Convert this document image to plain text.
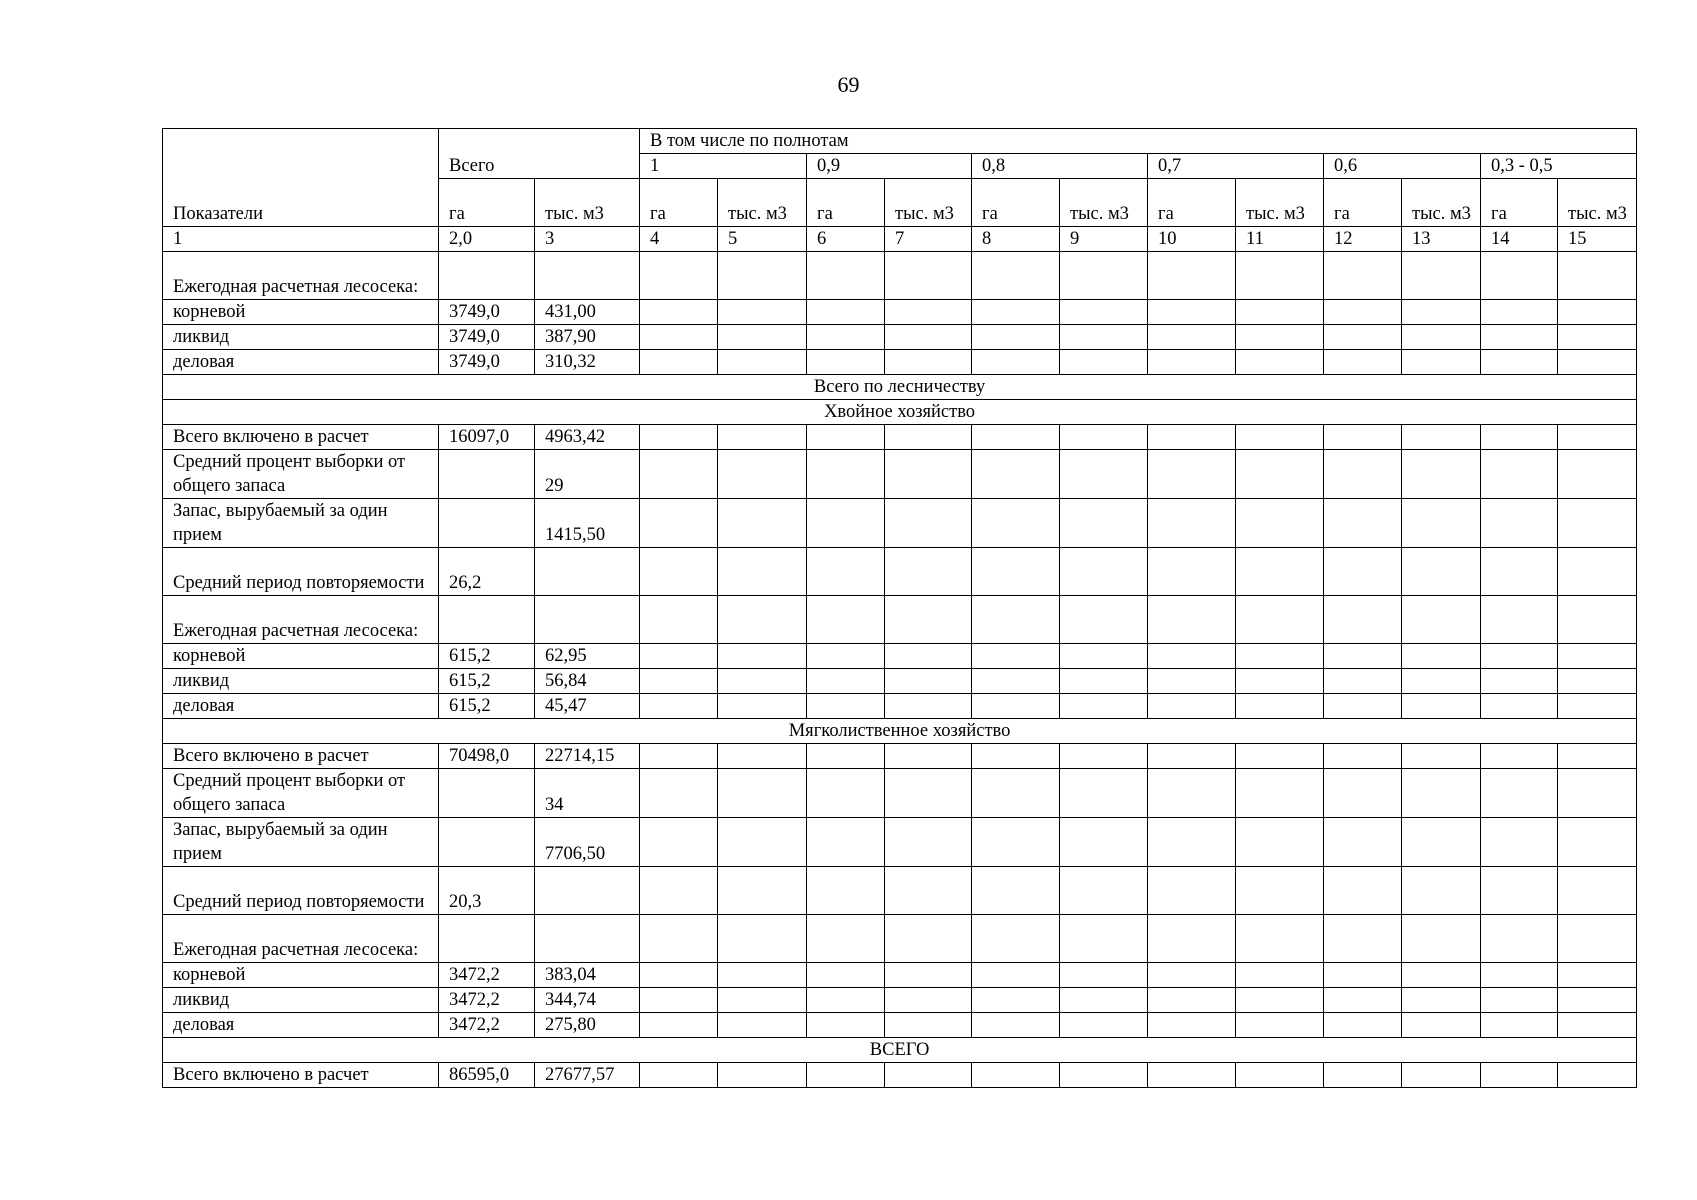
69
Показатели	Всего		В том числе по полнотам											
			1		0,9		0,8		0,7		0,6		0,3 - 0,5	
	га	тыс. м3	га	тыс. м3	га	тыс. м3	га	тыс. м3	га	тыс. м3	га	тыс. м3	га	тыс. м3
1	2,0	3	4	5	6	7	8	9	10	11	12	13	14	15
Ежегодная расчетная лесосека:														
корневой	3749,0	431,00												
ликвид	3749,0	387,90												
деловая	3749,0	310,32												
Всего по лесничеству														
Хвойное хозяйство														
Всего включено в расчет	16097,0	4963,42												
Средний процент выборки от общего запаса		29												
Запас, вырубаемый за один прием		1415,50												
Средний период повторяемости	26,2													
Ежегодная расчетная лесосека:														
корневой	615,2	62,95												
ликвид	615,2	56,84												
деловая	615,2	45,47												
Мягколиственное хозяйство														
Всего включено в расчет	70498,0	22714,15												
Средний процент выборки от общего запаса		34												
Запас, вырубаемый за один прием		7706,50												
Средний период повторяемости	20,3													
Ежегодная расчетная лесосека:														
корневой	3472,2	383,04												
ликвид	3472,2	344,74												
деловая	3472,2	275,80												
ВСЕГО														
Всего включено в расчет	86595,0	27677,57												
